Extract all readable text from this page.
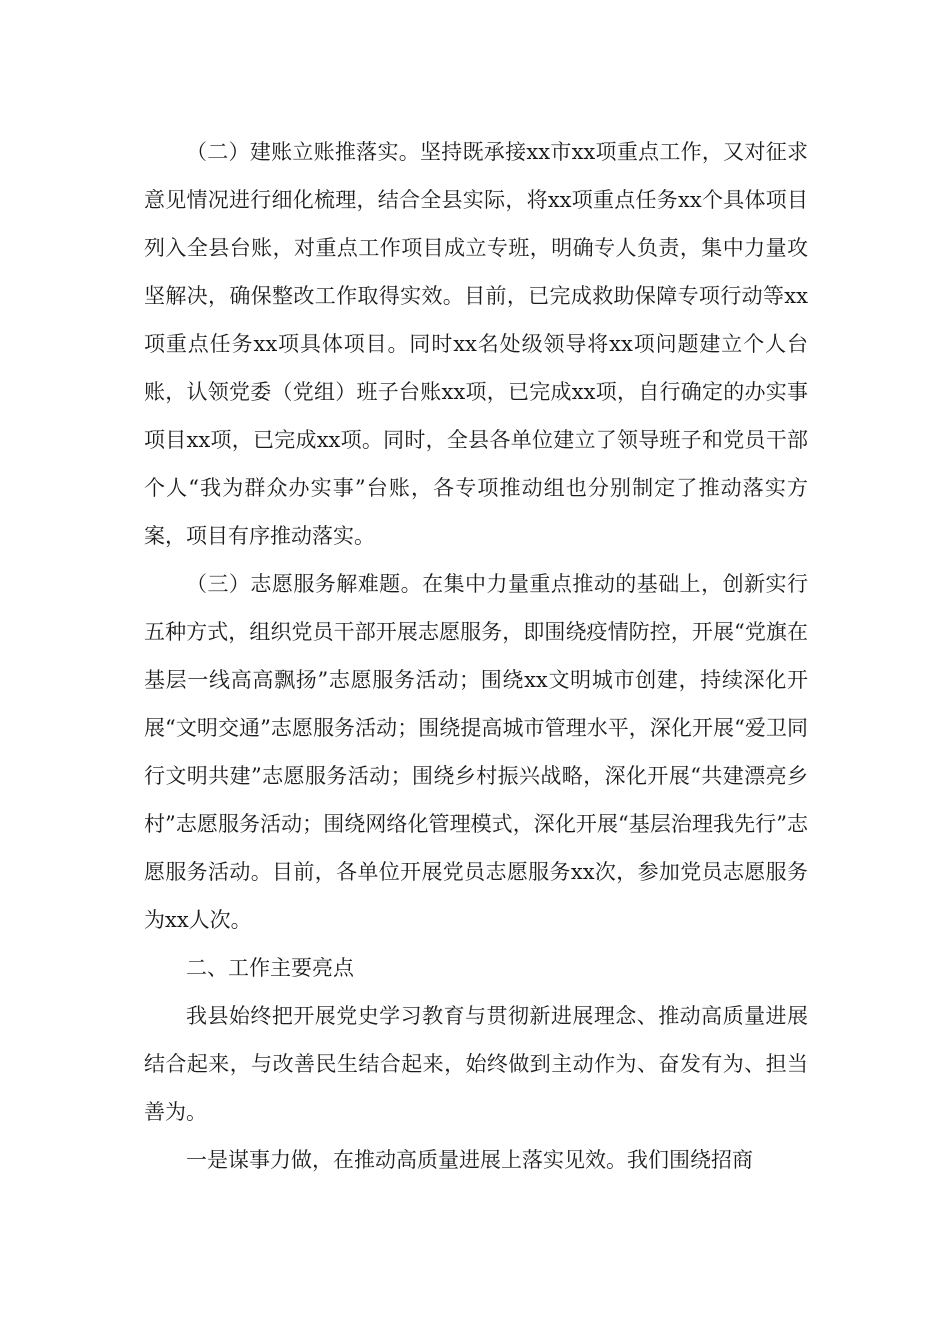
（二）建账立账推落实。坚持既承接xx市xx项重点工作，又对征求意见情况进行细化梳理，结合全县实际，将xx项重点任务xx个具体项目列入全县台账，对重点工作项目成立专班，明确专人负责，集中力量攻坚解决，确保整改工作取得实效。目前，已完成救助保障专项行动等xx项重点任务xx项具体项目。同时xx名处级领导将xx项问题建立个人台账，认领党委（党组）班子台账xx项，已完成xx项，自行确定的办实事项目xx项，已完成xx项。同时，全县各单位建立了领导班子和党员干部个人“我为群众办实事”台账，各专项推动组也分别制定了推动落实方案，项目有序推动落实。

（三）志愿服务解难题。在集中力量重点推动的基础上，创新实行五种方式，组织党员干部开展志愿服务，即围绕疫情防控，开展“党旗在基层一线高高飘扬”志愿服务活动；围绕xx文明城市创建，持续深化开展“文明交通”志愿服务活动；围绕提高城市管理水平，深化开展“爱卫同行文明共建”志愿服务活动；围绕乡村振兴战略，深化开展“共建漂亮乡村”志愿服务活动；围绕网络化管理模式，深化开展“基层治理我先行”志愿服务活动。目前，各单位开展党员志愿服务xx次，参加党员志愿服务为xx人次。

二、工作主要亮点

我县始终把开展党史学习教育与贯彻新进展理念、推动高质量进展结合起来，与改善民生结合起来，始终做到主动作为、奋发有为、担当善为。

一是谋事力做，在推动高质量进展上落实见效。我们围绕招商
